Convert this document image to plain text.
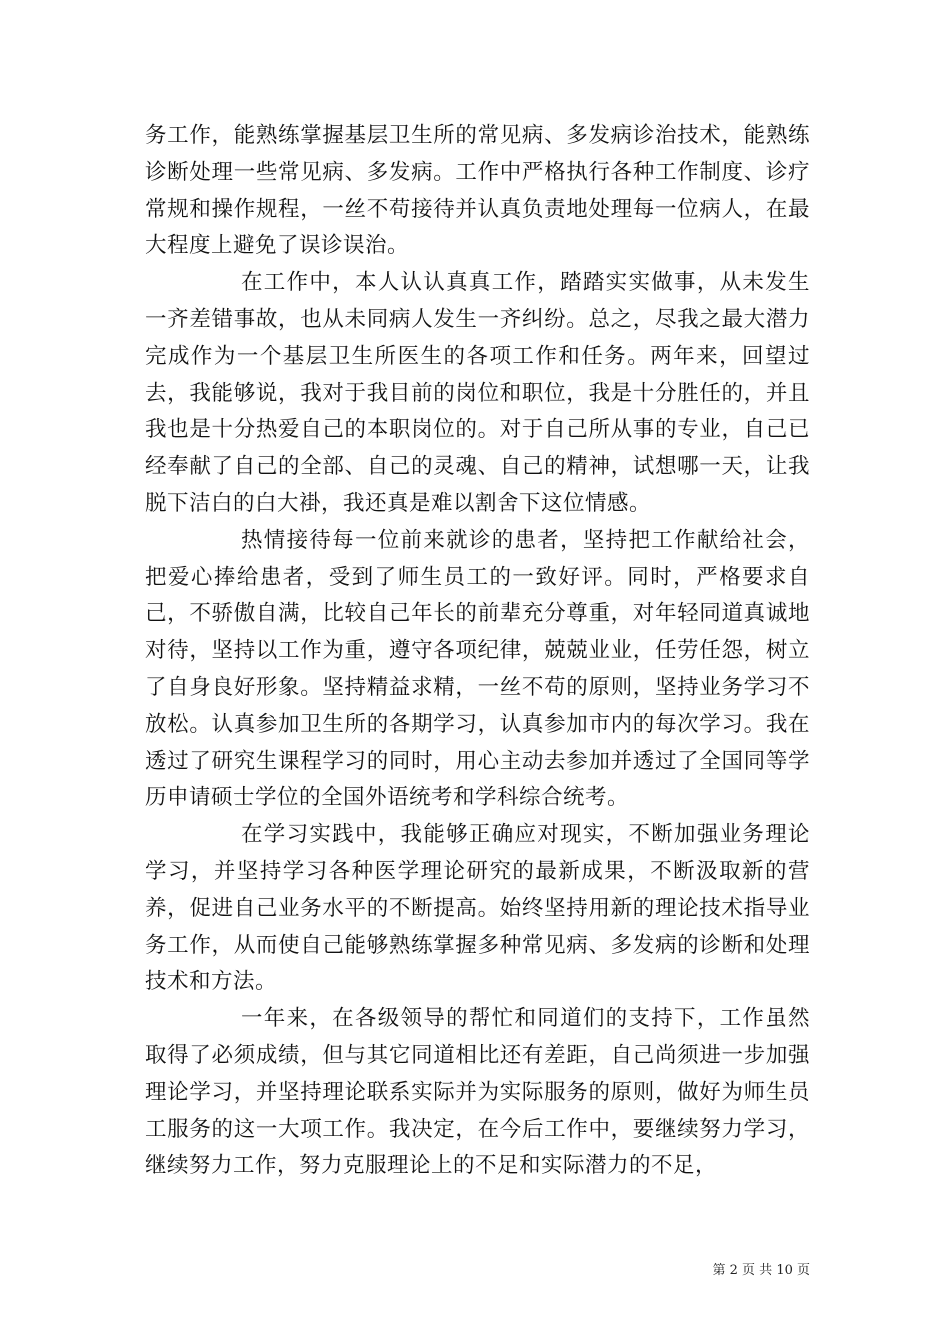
务工作，能熟练掌握基层卫生所的常见病、多发病诊治技术，能熟练诊断处理一些常见病、多发病。工作中严格执行各种工作制度、诊疗常规和操作规程，一丝不苟接待并认真负责地处理每一位病人，在最大程度上避免了误诊误治。

在工作中，本人认认真真工作，踏踏实实做事，从未发生一齐差错事故，也从未同病人发生一齐纠纷。总之，尽我之最大潜力完成作为一个基层卫生所医生的各项工作和任务。两年来，回望过去，我能够说，我对于我目前的岗位和职位，我是十分胜任的，并且我也是十分热爱自己的本职岗位的。对于自己所从事的专业，自己已经奉献了自己的全部、自己的灵魂、自己的精神，试想哪一天，让我脱下洁白的白大褂，我还真是难以割舍下这位情感。

热情接待每一位前来就诊的患者，坚持把工作献给社会，把爱心捧给患者，受到了师生员工的一致好评。同时，严格要求自己，不骄傲自满，比较自己年长的前辈充分尊重，对年轻同道真诚地对待，坚持以工作为重，遵守各项纪律，兢兢业业，任劳任怨，树立了自身良好形象。坚持精益求精，一丝不苟的原则，坚持业务学习不放松。认真参加卫生所的各期学习，认真参加市内的每次学习。我在透过了研究生课程学习的同时，用心主动去参加并透过了全国同等学历申请硕士学位的全国外语统考和学科综合统考。

在学习实践中，我能够正确应对现实，不断加强业务理论学习，并坚持学习各种医学理论研究的最新成果，不断汲取新的营养，促进自己业务水平的不断提高。始终坚持用新的理论技术指导业务工作，从而使自己能够熟练掌握多种常见病、多发病的诊断和处理技术和方法。

一年来，在各级领导的帮忙和同道们的支持下，工作虽然取得了必须成绩，但与其它同道相比还有差距，自己尚须进一步加强理论学习，并坚持理论联系实际并为实际服务的原则，做好为师生员工服务的这一大项工作。我决定，在今后工作中，要继续努力学习，继续努力工作，努力克服理论上的不足和实际潜力的不足，

第 2 页 共 10 页
